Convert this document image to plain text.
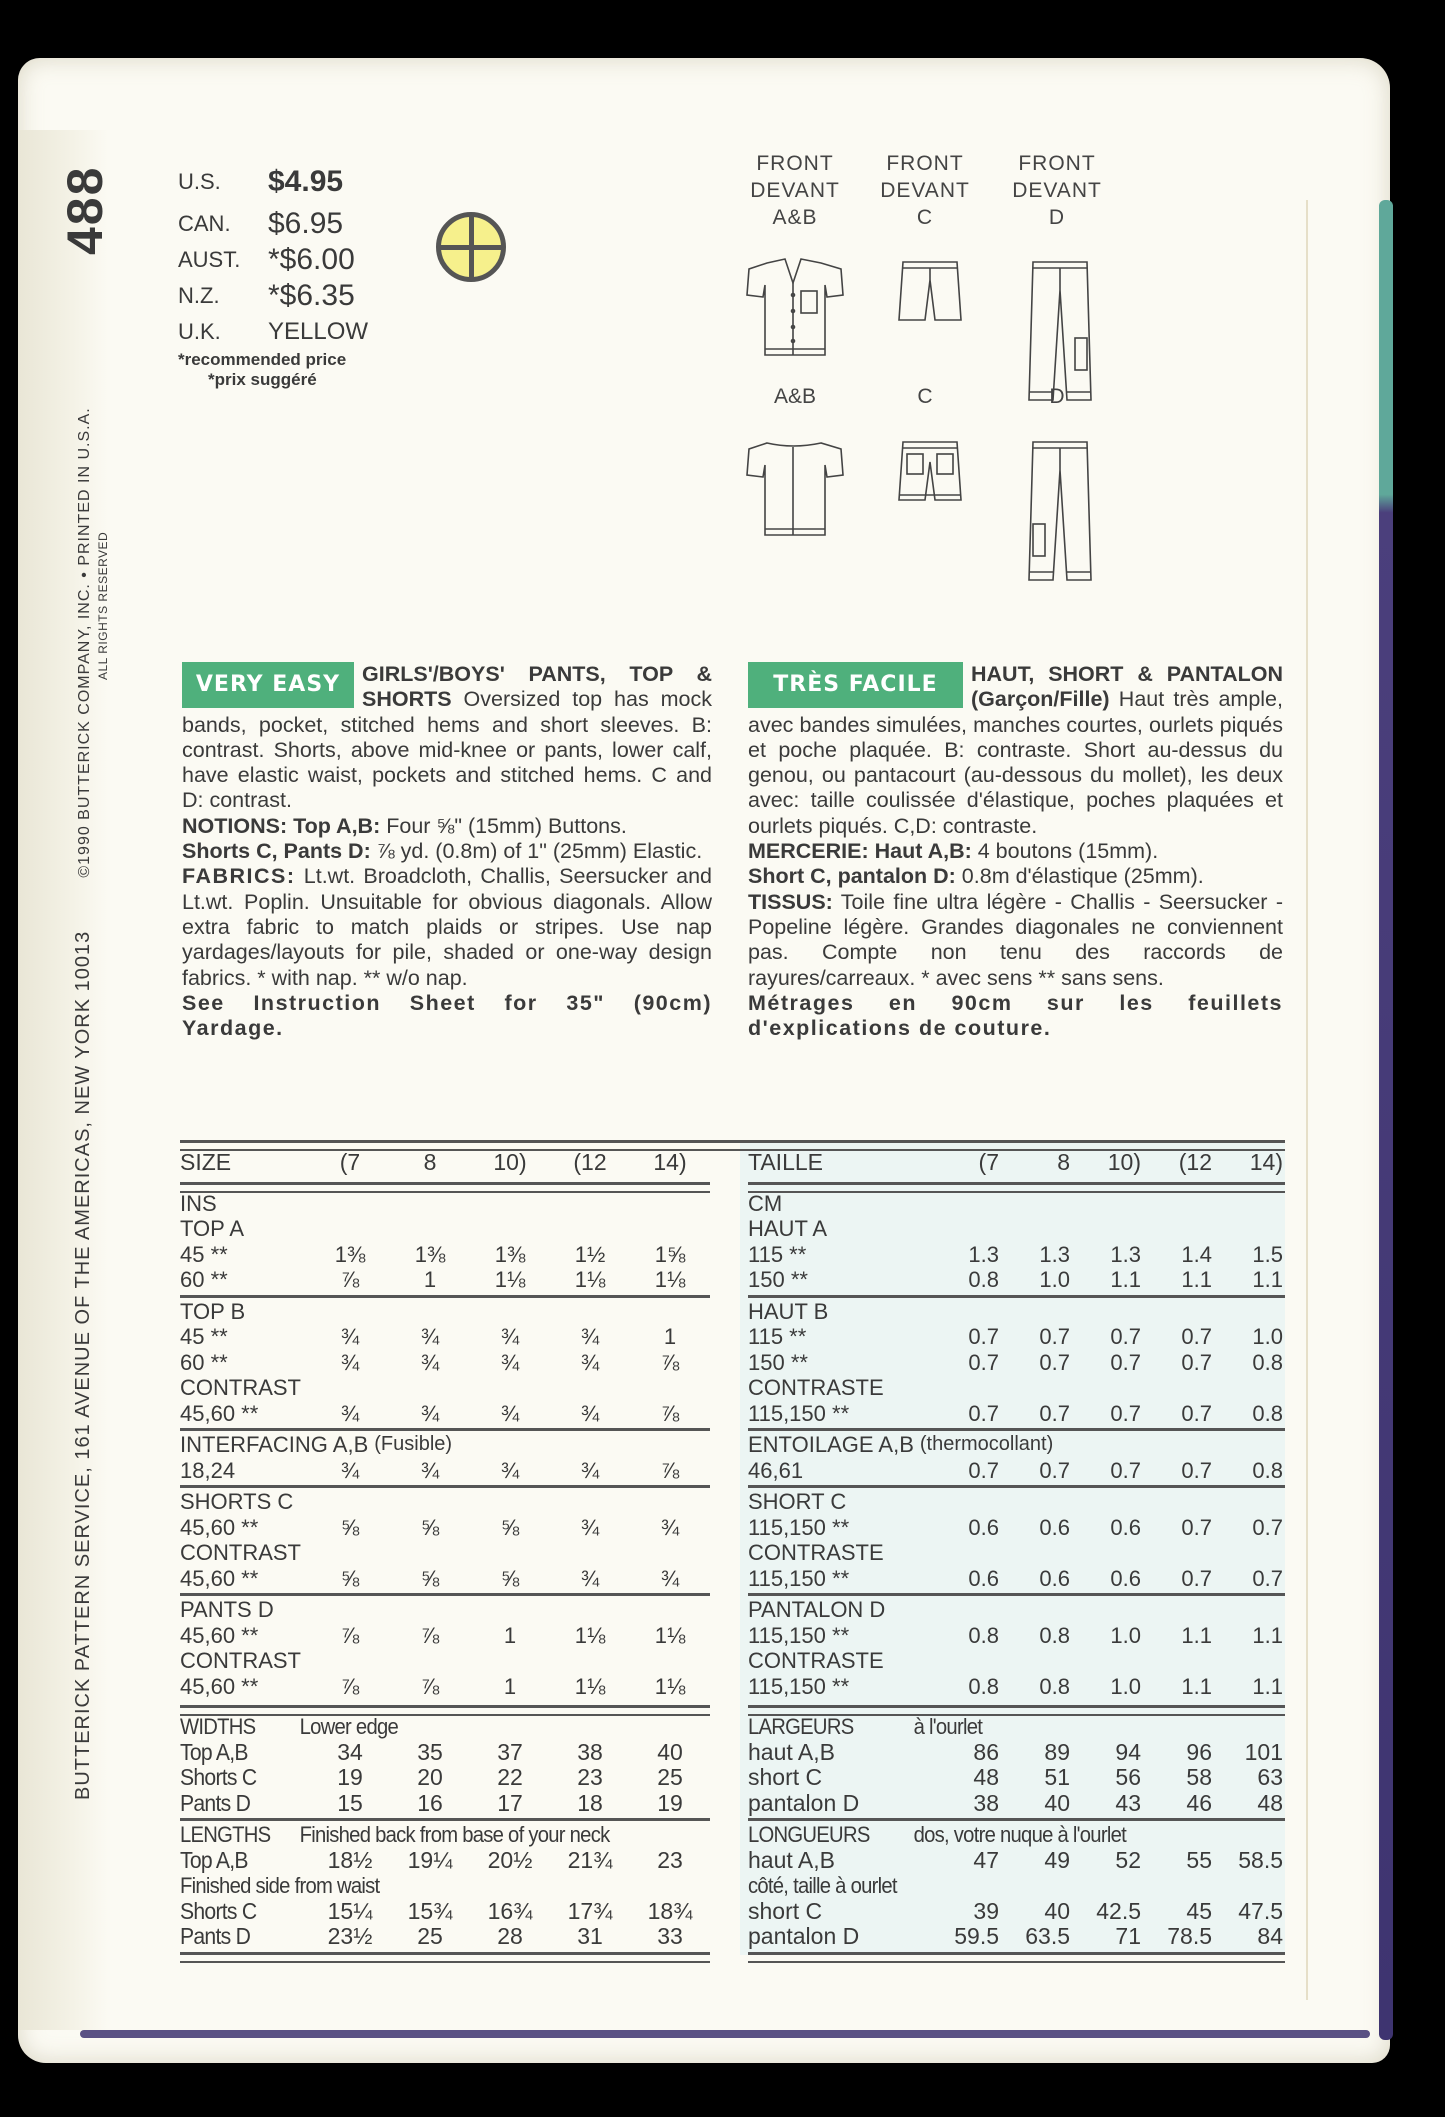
488
BUTTERICK PATTERN SERVICE, 161 AVENUE OF THE AMERICAS, NEW YORK 10013  ©1990 BUTTERICK COMPANY, INC. • PRINTED IN U.S.A. ALL RIGHTS RESERVED
U.S.	$4.95
CAN.	$6.95
AUST. *$6.00
N.Z.	*$6.35
U.K.	YELLOW
*recommended price
*prix suggéré
FRONT
DEVANT
A&B
FRONT
DEVANT
C
FRONT
DEVANT
D
A&B	C	D
VERY EASY	GIRLS'/BOYS' PANTS, TOP & SHORTS Oversized top has mock bands, pocket, stitched hems and short sleeves. B: contrast. Shorts, above mid-knee or pants, lower calf, have elastic waist, pockets and stitched hems. C and D: contrast.
NOTIONS: Top A,B: Four ⅝" (15mm) Buttons.
Shorts C, Pants D: ⅞ yd. (0.8m) of 1" (25mm) Elastic.
FABRICS: Lt.wt. Broadcloth, Challis, Seersucker and Lt.wt. Poplin. Unsuitable for obvious diagonals. Allow extra fabric to match plaids or stripes. Use nap yardages/layouts for pile, shaded or one-way design fabrics. * with nap. ** w/o nap.
See Instruction Sheet for 35" (90cm) Yardage.
TRÈS FACILE	HAUT, SHORT & PANTALON (Garçon/Fille) Haut très ample, avec bandes simulées, manches courtes, ourlets piqués et poche plaquée. B: contraste. Short au-dessus du genou, ou pantacourt (au-dessous du mollet), les deux avec: taille coulissée d'élastique, poches plaquées et ourlets piqués. C,D: contraste.
MERCERIE: Haut A,B: 4 boutons (15mm).
Short C, pantalon D: 0.8m d'élastique (25mm).
TISSUS: Toile fine ultra légère - Challis - Seersucker - Popeline légère. Grandes diagonales ne conviennent pas. Compte non tenu des raccords de rayures/carreaux. * avec sens ** sans sens.
Métrages en 90cm sur les feuillets d'explications de couture.
SIZE	(7	8	10)	(12	14)
INS
TOP A
45 **	1⅜	1⅜	1⅜	1½	1⅝
60 **	⅞	1	1⅛	1⅛	1⅛
TOP B
45 **	¾	¾	¾	¾	1
60 **	¾	¾	¾	¾	⅞
CONTRAST
45,60 **	¾	¾	¾	¾	⅞
INTERFACING A,B (Fusible)
18,24	¾	¾	¾	¾	⅞
SHORTS C
45,60 **	⅝	⅝	⅝	¾	¾
CONTRAST
45,60 **	⅝	⅝	⅝	¾	¾
PANTS D
45,60 **	⅞	⅞	1	1⅛	1⅛
CONTRAST
45,60 **	⅞	⅞	1	1⅛	1⅛
WIDTHS	Lower edge
Top A,B	34	35	37	38	40
Shorts C	19	20	22	23	25
Pants D	15	16	17	18	19
LENGTHS	Finished back from base of your neck
Top A,B	18½	19¼	20½	21¾	23
Finished side from waist
Shorts C	15¼	15¾	16¾	17¾	18¾
Pants D	23½	25	28	31	33
TAILLE	(7	8	10)	(12	14)
CM
HAUT A
115 **	1.3	1.3	1.3	1.4	1.5
150 **	0.8	1.0	1.1	1.1	1.1
HAUT B
115 **	0.7	0.7	0.7	0.7	1.0
150 **	0.7	0.7	0.7	0.7	0.8
CONTRASTE
115,150 **	0.7	0.7	0.7	0.7	0.8
ENTOILAGE A,B (thermocollant)
46,61	0.7	0.7	0.7	0.7	0.8
SHORT C
115,150 **	0.6	0.6	0.6	0.7	0.7
CONTRASTE
115,150 **	0.6	0.6	0.6	0.7	0.7
PANTALON D
115,150 **	0.8	0.8	1.0	1.1	1.1
CONTRASTE
115,150 **	0.8	0.8	1.0	1.1	1.1
LARGEURS	à l'ourlet
haut A,B	86	89	94	96	101
short C	48	51	56	58	63
pantalon D	38	40	43	46	48
LONGUEURS	dos, votre nuque à l'ourlet
haut A,B	47	49	52	55	58.5
côté, taille à ourlet
short C	39	40	42.5	45	47.5
pantalon D	59.5	63.5	71	78.5	84
